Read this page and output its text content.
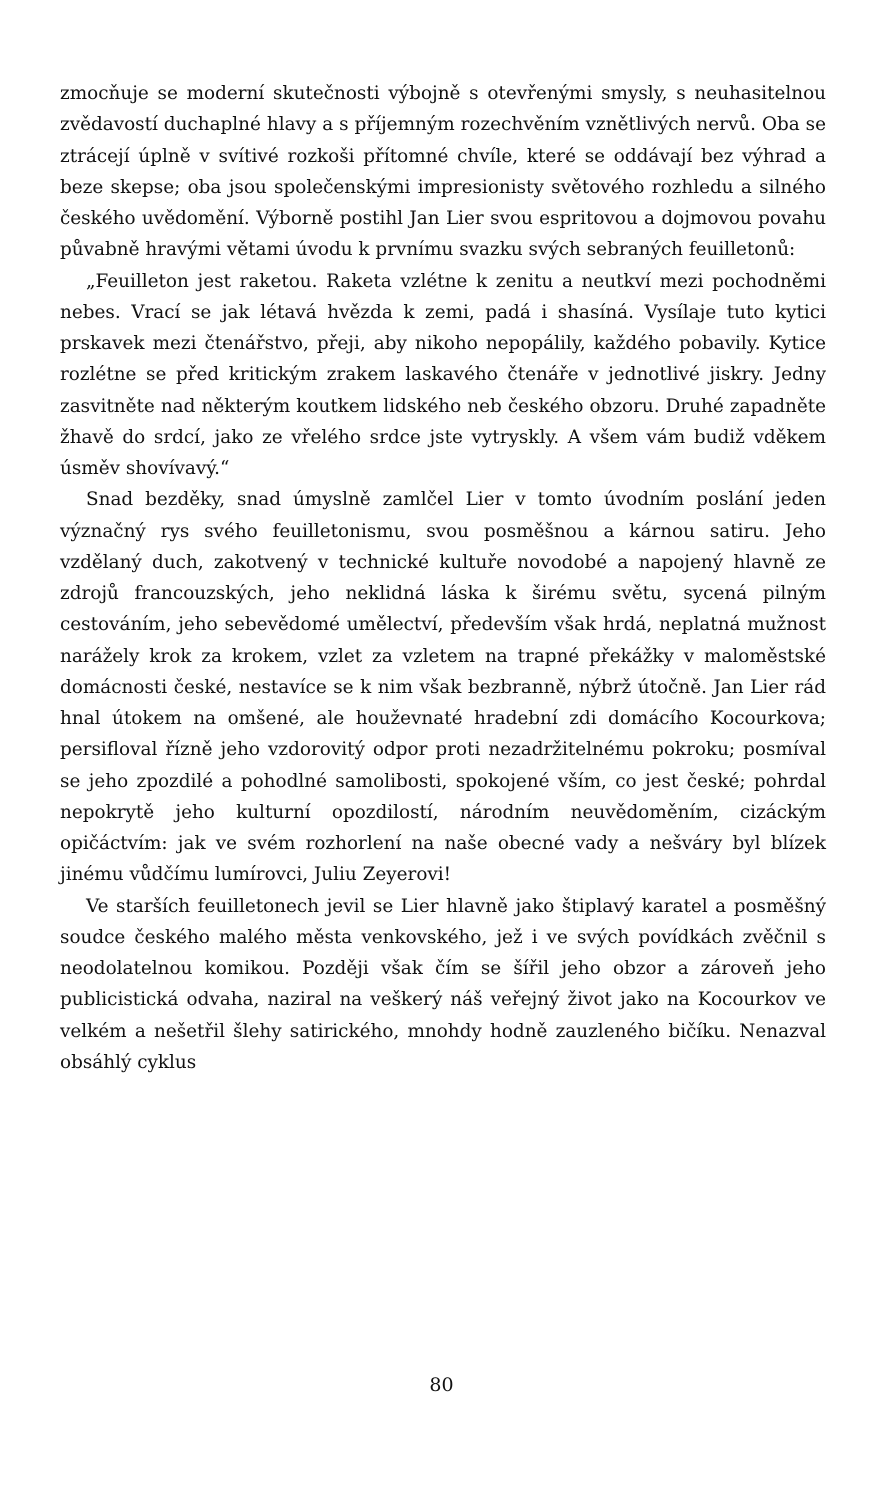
zmocňuje se moderní skutečnosti výbojně s otevřenými smysly, s neuhasitelnou zvědavostí duchaplné hlavy a s příjemným rozechvěním vznětlivých nervů. Oba se ztrácejí úplně v svítivé rozkoši přítomné chvíle, které se oddávají bez výhrad a beze skepse; oba jsou společenskými impresionisty světového rozhledu a silného českého uvědomění. Výborně postihl Jan Lier svou espritovou a dojmovou povahu půvabně hravými větami úvodu k prvnímu svazku svých sebraných feuilletonů:

„Feuilleton jest raketou. Raketa vzlétne k zenitu a neutkví mezi pochodněmi nebes. Vrací se jak létavá hvězda k zemi, padá i shasíná. Vysílaje tuto kytici prskavek mezi čtenářstvo, přeji, aby nikoho nepopálily, každého pobavily. Kytice rozlétne se před kritickým zrakem laskavého čtenáře v jednotlivé jiskry. Jedny zasvitněte nad některým koutkem lidského neb českého obzoru. Druhé zapadněte žhavě do srdcí, jako ze vřelého srdce jste vytryskly. A všem vám budiž vděkem úsměv shovívavý.“

Snad bezděky, snad úmyslně zamlčel Lier v tomto úvodním poslání jeden význačný rys svého feuilletonismu, svou posměšnou a kárnou satiru. Jeho vzdělaný duch, zakotvený v technické kultuře novodobé a napojený hlavně ze zdrojů francouzských, jeho neklidná láska k širému světu, sycená pilným cestováním, jeho sebevědomé umělectví, především však hrdá, neplatná mužnost narážely krok za krokem, vzlet za vzletem na trapné překážky v maloměstské domácnosti české, nestavíce se k nim však bezbranně, nýbrž útočně. Jan Lier rád hnal útokem na omšené, ale houževnaté hradební zdi domácího Kocourkova; persifloval řízně jeho vzdorovitý odpor proti nezadržitelnému pokroku; posmíval se jeho zpozdilé a pohodlné samolibosti, spokojené vším, co jest české; pohrdal nepokrytě jeho kulturní opozdilostí, národním neuvědoměním, cizáckým opičáctvím: jak ve svém rozhorlení na naše obecné vady a nešváry byl blízek jinému vůdčímu lumírovci, Juliu Zeyerovi!

Ve starších feuilletonech jevil se Lier hlavně jako štiplavý karatel a posměšný soudce českého malého města venkovského, jež i ve svých povídkách zvěčnil s neodolatelnou komikou. Později však čím se šířil jeho obzor a zároveň jeho publicistická odvaha, naziral na veškerý náš veřejný život jako na Kocourkov ve velkém a nešetřil šlehy satirického, mnohdy hodně zauzleného bičíku. Nenazval obsáhlý cyklus

80
